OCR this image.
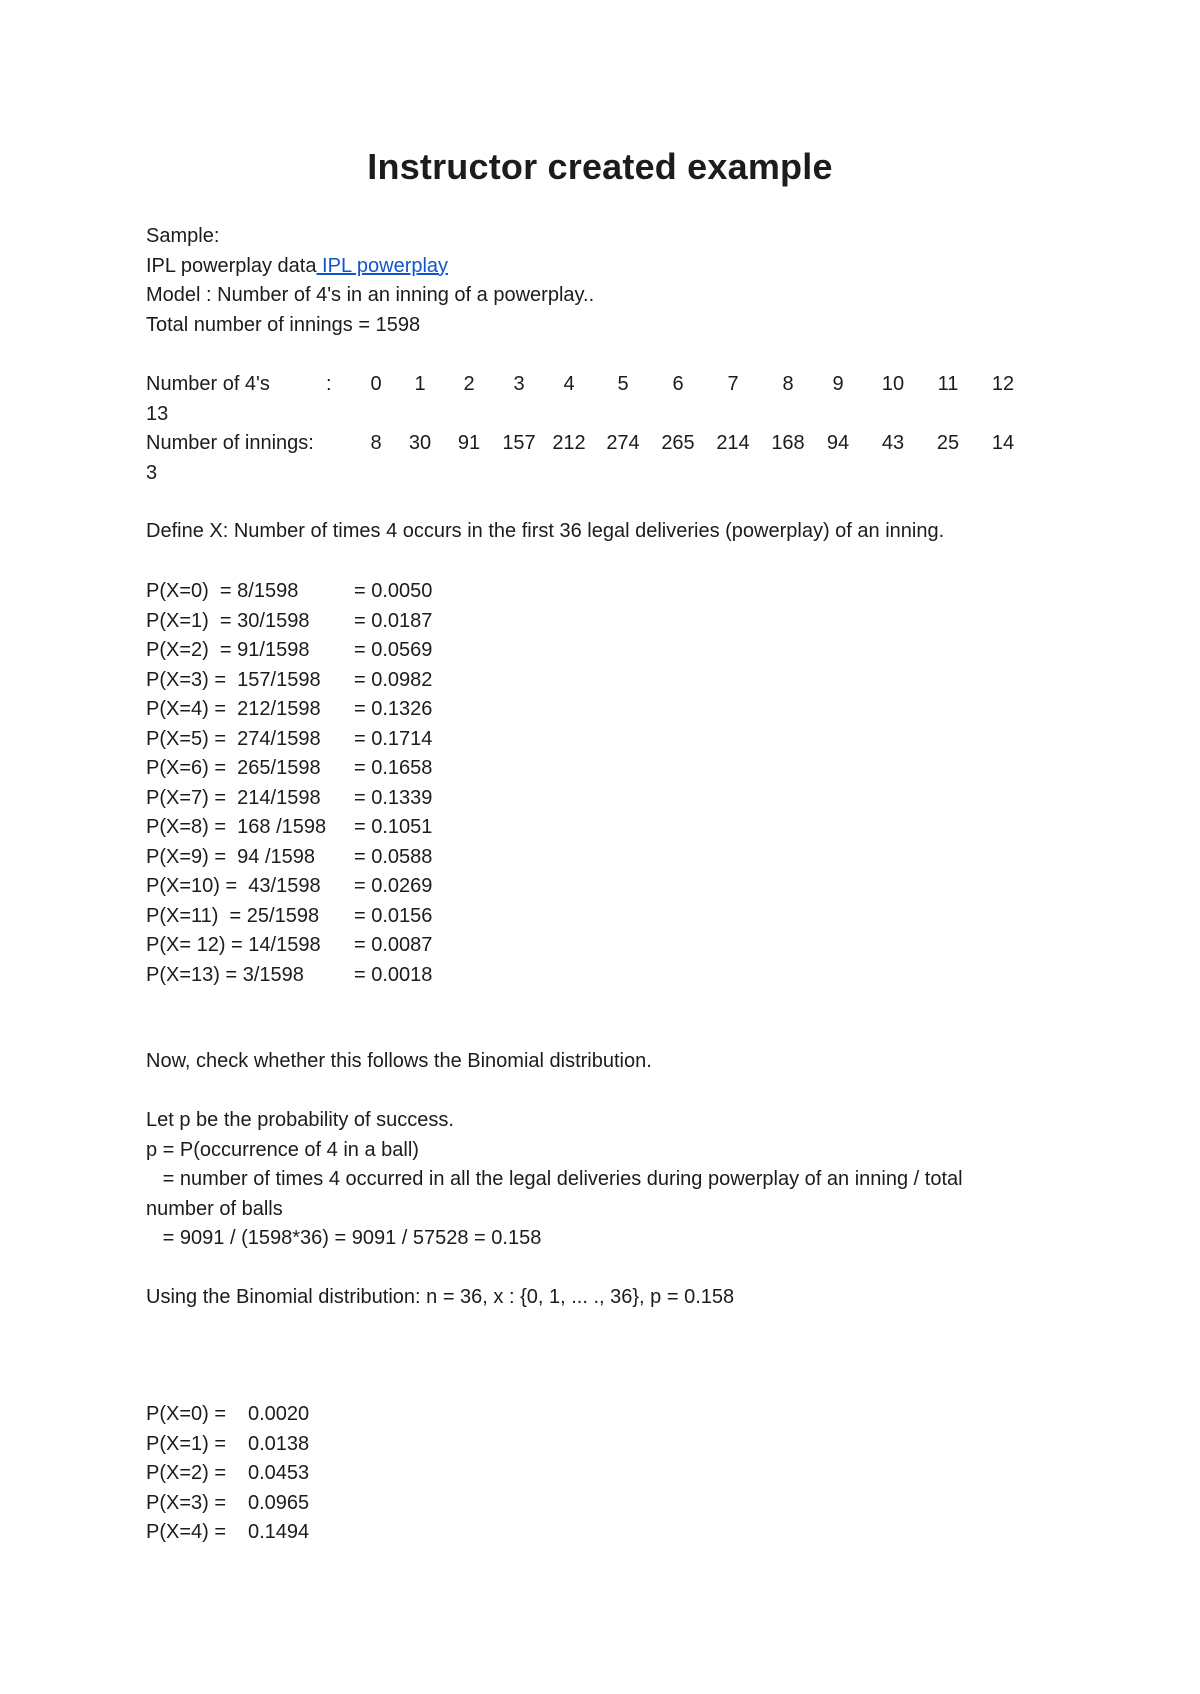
Instructor created example
Sample:
IPL powerplay data IPL powerplay
Model : Number of 4's in an inning of a powerplay..
Total number of innings = 1598
Number of 4's	: 0 1 2 3 4 5 6 7 8 9 10 11 12
13
Number of innings:	8 30 91 157 212 274 265 214 168 94 43 25 14
3
Define X: Number of times 4 occurs in the first 36 legal deliveries (powerplay) of an inning.
P(X=0)  = 8/1598	= 0.0050
P(X=1)  = 30/1598 = 0.0187
P(X=2)  = 91/1598 = 0.0569
P(X=3) =  157/1598 = 0.0982
P(X=4) =  212/1598 = 0.1326
P(X=5) =  274/1598 = 0.1714
P(X=6) =  265/1598 = 0.1658
P(X=7) =  214/1598 = 0.1339
P(X=8) =  168 /1598 = 0.1051
P(X=9) =  94 /1598 = 0.0588
P(X=10) =  43/1598 = 0.0269
P(X=11)  = 25/1598 = 0.0156
P(X= 12) = 14/1598 = 0.0087
P(X=13) = 3/1598	= 0.0018
Now, check whether this follows the Binomial distribution.
Let p be the probability of success.
p = P(occurrence of 4 in a ball)
= number of times 4 occurred in all the legal deliveries during powerplay of an inning / total
number of balls
= 9091 / (1598*36) = 9091 / 57528 = 0.158
Using the Binomial distribution: n = 36, x : {0, 1, ... ., 36}, p = 0.158
P(X=0) = 0.0020
P(X=1) = 0.0138
P(X=2) = 0.0453
P(X=3) = 0.0965
P(X=4) = 0.1494
